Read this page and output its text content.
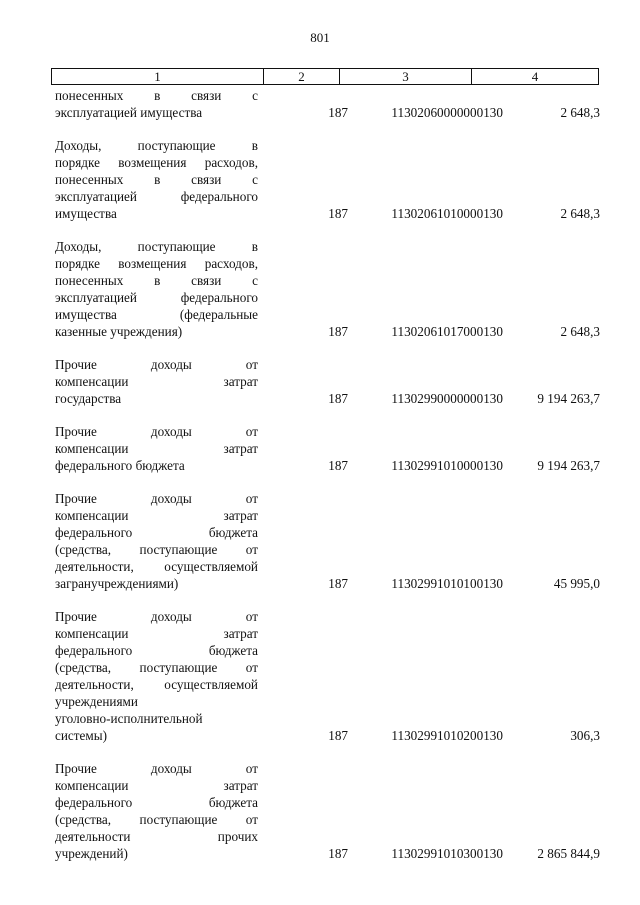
801
1	2	3	4
понесенных в связи с
эксплуатацией имущества	187	11302060000000130	2 648,3
Доходы, поступающие в
порядке возмещения расходов,
понесенных в связи с
эксплуатацией федерального
имущества	187	11302061010000130	2 648,3
Доходы, поступающие в
порядке возмещения расходов,
понесенных в связи с
эксплуатацией федерального
имущества (федеральные
казенные учреждения)	187	11302061017000130	2 648,3
Прочие доходы от
компенсации затрат
государства	187	11302990000000130	9 194 263,7
Прочие доходы от
компенсации затрат
федерального бюджета	187	11302991010000130	9 194 263,7
Прочие доходы от
компенсации затрат
федерального бюджета
(средства, поступающие от
деятельности, осуществляемой
загранучреждениями)	187	11302991010100130	45 995,0
Прочие доходы от
компенсации затрат
федерального бюджета
(средства, поступающие от
деятельности, осуществляемой
учреждениями
уголовно-исполнительной
системы)	187	11302991010200130	306,3
Прочие доходы от
компенсации затрат
федерального бюджета
(средства, поступающие от
деятельности прочих
учреждений)	187	11302991010300130	2 865 844,9
